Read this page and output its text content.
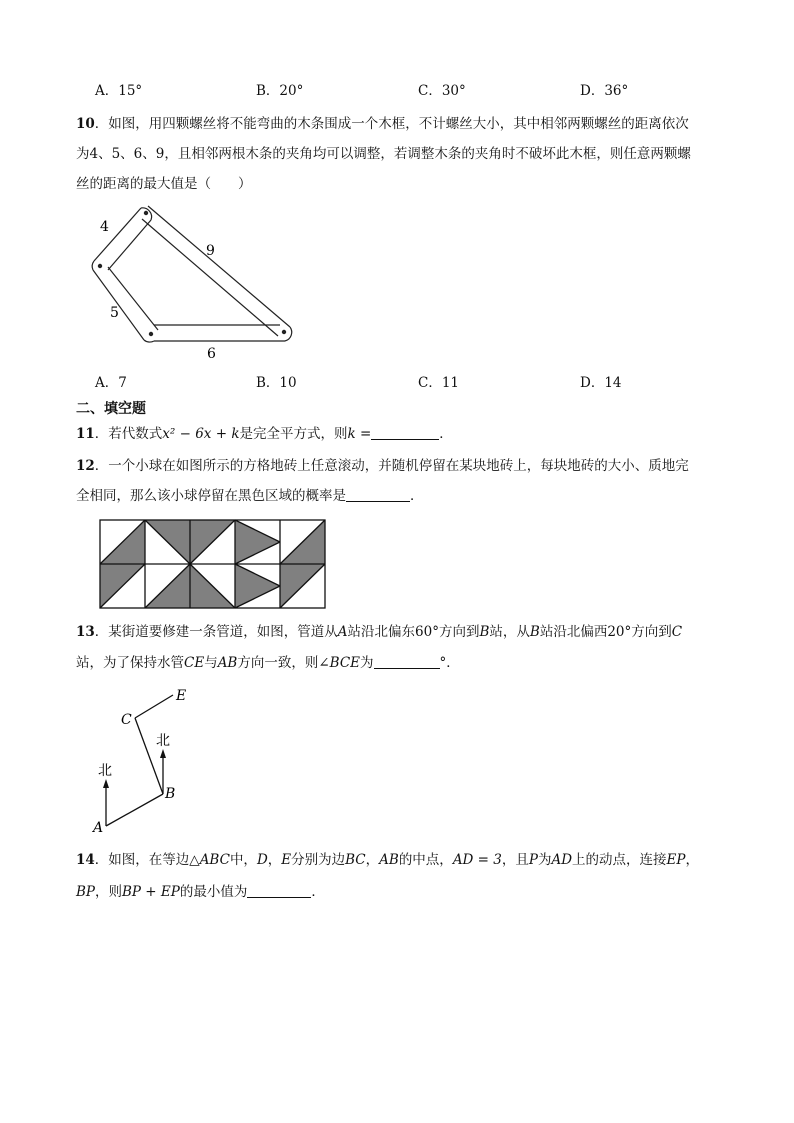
A．15°	B．20°	C．30°	D．36°
10．如图，用四颗螺丝将不能弯曲的木条围成一个木框，不计螺丝大小，其中相邻两颗螺丝的距离依次
为4、5、6、9，且相邻两根木条的夹角均可以调整，若调整木条的夹角时不破坏此木框，则任意两颗螺
丝的距离的最大值是（　　）
4
9
5
6
A．7	B．10	C．11	D．14
二、填空题
11．若代数式x² − 6x + k是完全平方式，则k =	．
12．一个小球在如图所示的方格地砖上任意滚动，并随机停留在某块地砖上，每块地砖的大小、质地完
全相同，那么该小球停留在黑色区域的概率是	．
13．某街道要修建一条管道，如图，管道从A站沿北偏东60°方向到B站，从B站沿北偏西20°方向到C
站，为了保持水管CE与AB方向一致，则∠BCE为	°．
E
C
北
北
B
A
14．如图，在等边△ABC中，D，E分别为边BC，AB的中点，AD = 3，且P为AD上的动点，连接EP，
BP，则BP + EP的最小值为	．
